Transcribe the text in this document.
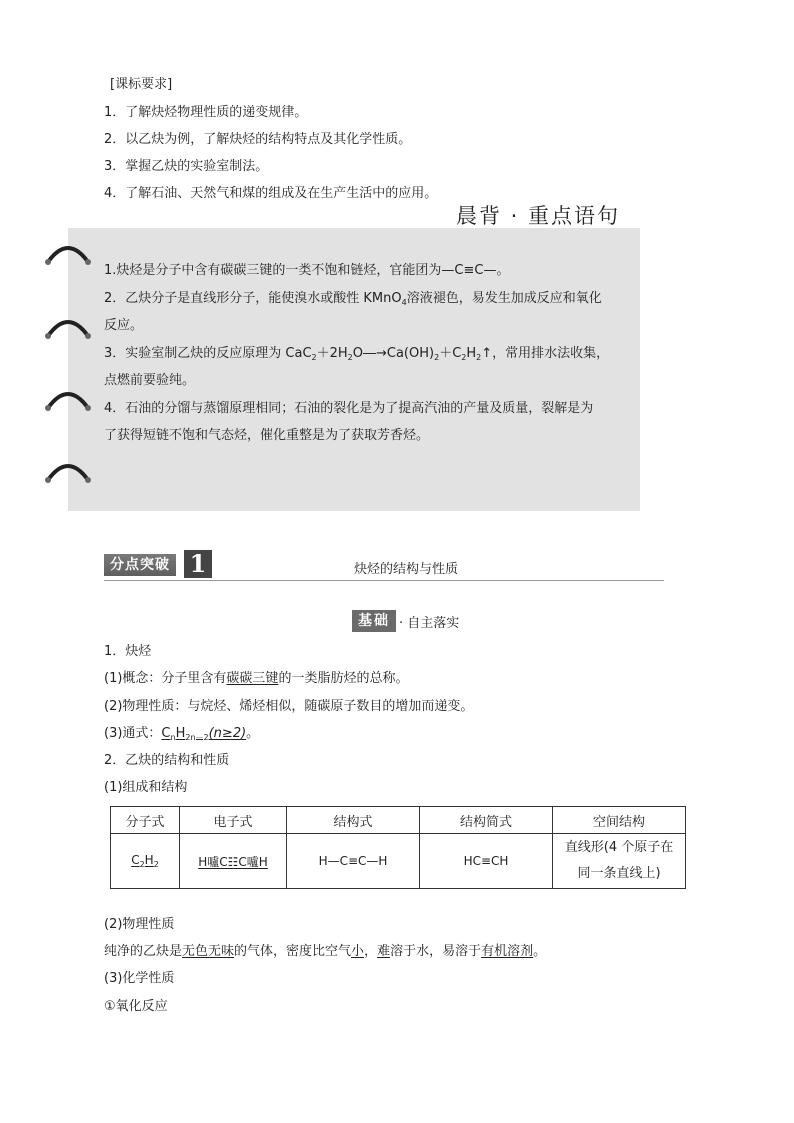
[课标要求]
1．了解炔烃物理性质的递变规律。
2．以乙炔为例，了解炔烃的结构特点及其化学性质。
3．掌握乙炔的实验室制法。
4．了解石油、天然气和煤的组成及在生产生活中的应用。
1.炔烃是分子中含有碳碳三键的一类不饱和链烃，官能团为—C≡C—。
2．乙炔分子是直线形分子，能使溴水或酸性 KMnO$_4$溶液褪色，易发生加成反应和氧化
反应。
3．实验室制乙炔的反应原理为 $CaC_2+2H_2O―\to Ca(OH)_2+C_2H_2↑$，常用排水法收集，
点燃前要验纯。
4．石油的分馏与蒸馏原理相同；石油的裂化是为了提高汽油的产量及质量，裂解是为
了获得短链不饱和气态烃，催化重整是为了获取芳香烃。
晨背 · 重点语句
分点突破 1	炔烃的结构与性质
基础 · 自主落实
1．炔烃
(1)概念：分子里含有碳碳三键的一类脂肪烃的总称。
(2)物理性质：与烷烃、烯烃相似，随碳原子数目的增加而递变。
(3)通式：$C_nH_{2n-2}(n\ge 2)$。
2．乙炔的结构和性质
(1)组成和结构
分子式	电子式	结构式	结构简式	空间结构
$C_2H_2$	H嚧C☷C嚧H	H—C≡C—H	HC≡CH	直线形(4 个原子在
同一条直线上)
(2)物理性质
纯净的乙炔是无色无味的气体，密度比空气小，难溶于水，易溶于有机溶剂。
(3)化学性质
①氧化反应
